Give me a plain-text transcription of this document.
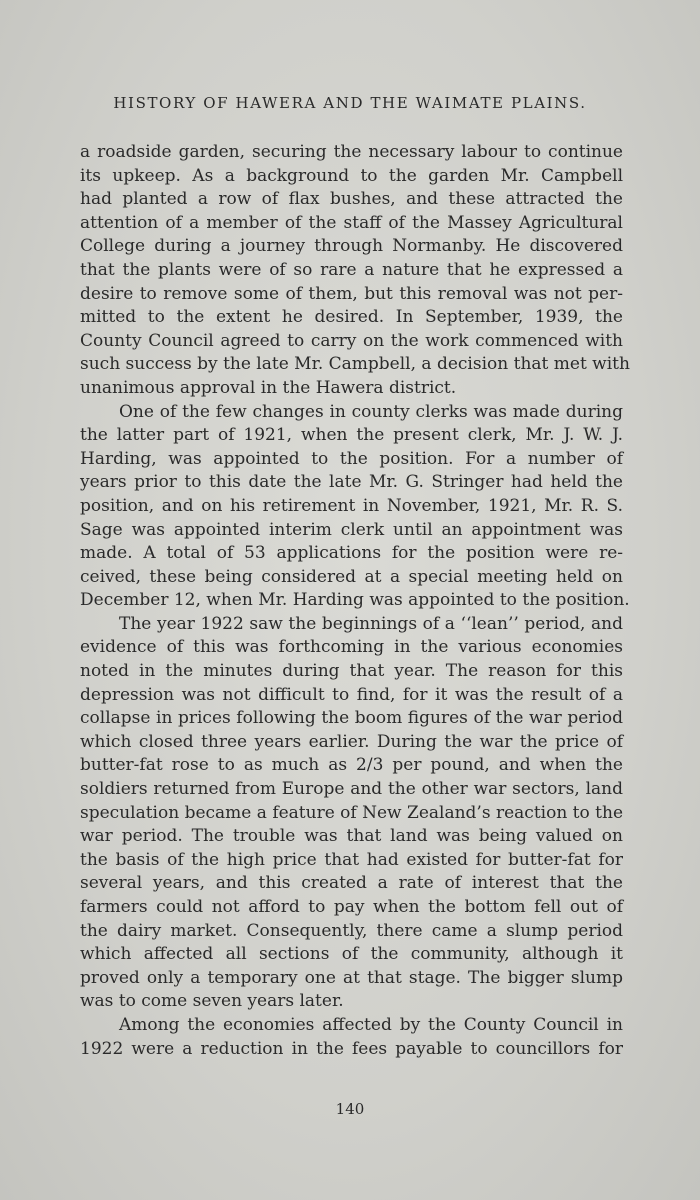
HISTORY OF HAWERA AND THE WAIMATE PLAINS.
a roadside garden, securing the necessary labour to continue
its upkeep. As a background to the garden Mr. Campbell
had planted a row of flax bushes, and these attracted the
attention of a member of the staff of the Massey Agricultural
College during a journey through Normanby. He discovered
that the plants were of so rare a nature that he expressed a
desire to remove some of them, but this removal was not per-
mitted to the extent he desired. In September, 1939, the
County Council agreed to carry on the work commenced with
such success by the late Mr. Campbell, a decision that met with
unanimous approval in the Hawera district.
One of the few changes in county clerks was made during
the latter part of 1921, when the present clerk, Mr. J. W. J.
Harding, was appointed to the position. For a number of
years prior to this date the late Mr. G. Stringer had held the
position, and on his retirement in November, 1921, Mr. R. S.
Sage was appointed interim clerk until an appointment was
made. A total of 53 applications for the position were re-
ceived, these being considered at a special meeting held on
December 12, when Mr. Harding was appointed to the position.
The year 1922 saw the beginnings of a ‘‘lean’’ period, and
evidence of this was forthcoming in the various economies
noted in the minutes during that year. The reason for this
depression was not difficult to find, for it was the result of a
collapse in prices following the boom figures of the war period
which closed three years earlier. During the war the price of
butter-fat rose to as much as 2/3 per pound, and when the
soldiers returned from Europe and the other war sectors, land
speculation became a feature of New Zealand’s reaction to the
war period. The trouble was that land was being valued on
the basis of the high price that had existed for butter-fat for
several years, and this created a rate of interest that the
farmers could not afford to pay when the bottom fell out of
the dairy market. Consequently, there came a slump period
which affected all sections of the community, although it
proved only a temporary one at that stage. The bigger slump
was to come seven years later.
Among the economies affected by the County Council in
1922 were a reduction in the fees payable to councillors for
140
